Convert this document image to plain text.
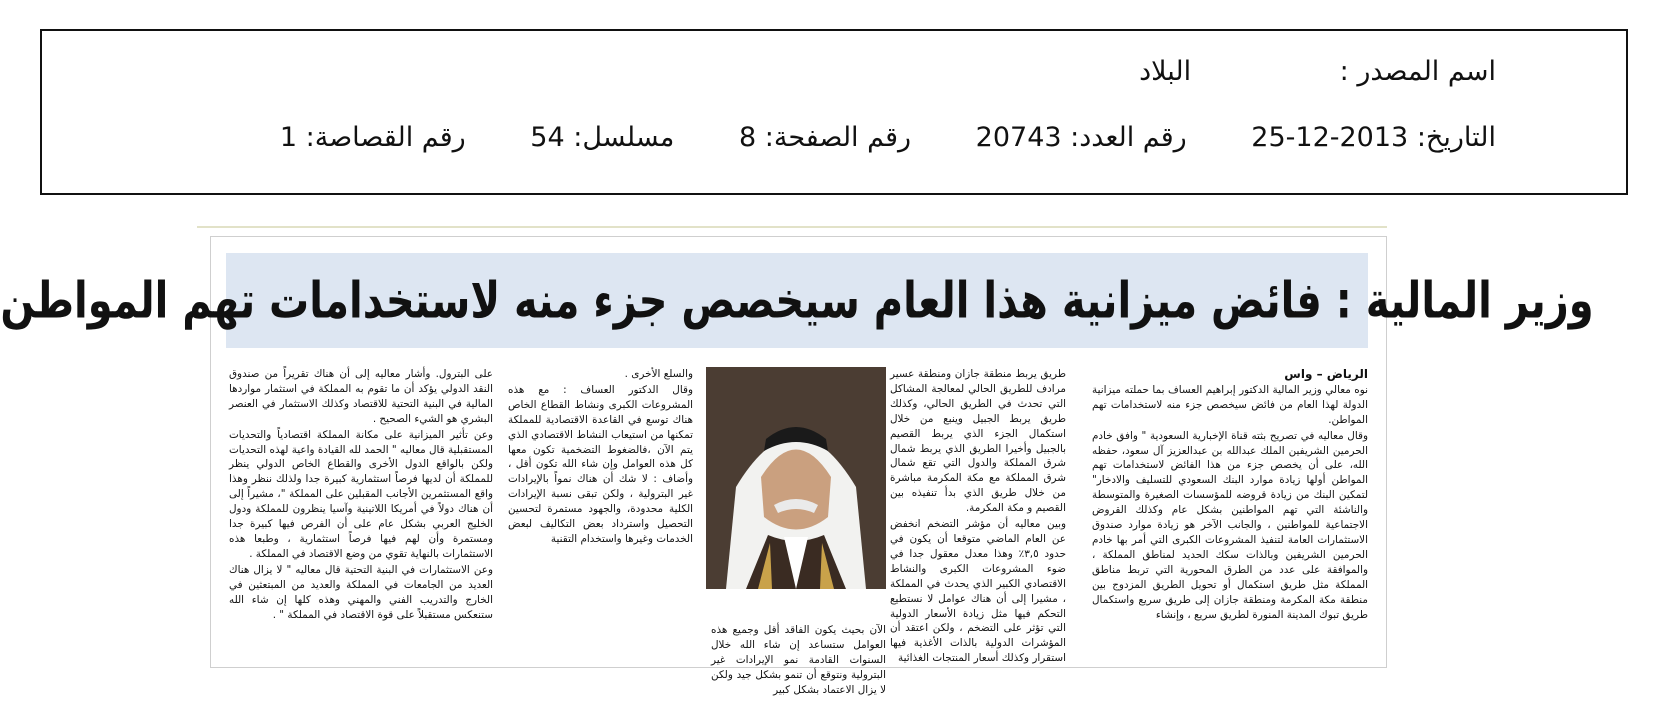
اسم المصدر : البلاد
التاريخ: 25-12-2013 رقم العدد: 20743 رقم الصفحة: 8 مسلسل: 54 رقم القصاصة: 1
وزير المالية : فائض ميزانية هذا العام سيخصص جزء منه لاستخدامات تهم المواطن

الرياض – واس

نوه معالي وزير المالية الدكتور إبراهيم العساف بما حملته ميزانية الدولة لهذا العام من فائض سيخصص جزء منه لاستخدامات تهم المواطن.

وقال معاليه في تصريح بثته قناة الإخبارية السعودية " وافق خادم الحرمين الشريفين الملك عبدالله بن عبدالعزيز آل سعود، حفظه الله، على أن يخصص جزء من هذا الفائض لاستخدامات تهم المواطن أولها زيادة موارد البنك السعودي للتسليف والادخار" لتمكين البنك من زيادة قروضه للمؤسسات الصغيرة والمتوسطة والناشئة التي تهم المواطنين بشكل عام وكذلك القروض الاجتماعية للمواطنين ، والجانب الآخر هو زيادة موارد صندوق الاستثمارات العامة لتنفيذ المشروعات الكبرى التي أمر بها خادم الحرمين الشريفين وبالذات سكك الحديد لمناطق المملكة ، والموافقة على عدد من الطرق المحورية التي تربط مناطق المملكة مثل طريق استكمال أو تحويل الطريق المزدوج بين منطقة مكة المكرمة ومنطقة جازان إلى طريق سريع واستكمال طريق تبوك المدينة المنورة لطريق سريع ، وإنشاء

طريق يربط منطقة جازان ومنطقة عسير مرادف للطريق الحالي لمعالجة المشاكل التي تحدث في الطريق الحالي، وكذلك طريق يربط الجبيل وينبع من خلال استكمال الجزء الذي يربط القصيم بالجبيل وأخيرا الطريق الذي يربط شمال شرق المملكة والدول التي تقع شمال شرق المملكة مع مكة المكرمة مباشرة من خلال طريق الذي بدأ تنفيذه بين القصيم و مكة المكرمة.

وبين معاليه أن مؤشر التضخم انخفض عن العام الماضي متوقعا أن يكون في حدود ٣,٥٪ وهذا معدل معقول جدا في ضوء المشروعات الكبرى والنشاط الاقتصادي الكبير الذي يحدث في المملكة ، مشيرا إلى أن هناك عوامل لا نستطيع التحكم فيها مثل زيادة الأسعار الدولية التي تؤثر على التضخم ، ولكن اعتقد أن المؤشرات الدولية بالذات الأغذية فيها استقرار وكذلك أسعار المنتجات الغذائية

الآن بحيث يكون الفاقد أقل وجميع هذه العوامل ستساعد إن شاء الله خلال السنوات القادمة نمو الإيرادات غير البترولية ونتوقع أن تنمو بشكل جيد ولكن لا يزال الاعتماد بشكل كبير

والسلع الأخرى .

وقال الدكتور العساف : مع هذه المشروعات الكبرى ونشاط القطاع الخاص هناك توسع في القاعدة الاقتصادية للمملكة تمكنها من استيعاب النشاط الاقتصادي الذي يتم الآن ،فالضغوط التضخمية تكون معها كل هذه العوامل وإن شاء الله تكون أقل ، وأضاف : لا شك أن هناك نمواً بالإيرادات غير البترولية ، ولكن تبقى نسبة الإيرادات الكلية محدودة، والجهود مستمرة لتحسين التحصيل واسترداد بعض التكاليف لبعض الخدمات وغيرها واستخدام التقنية

على البترول. وأشار معاليه إلى أن هناك تقريراً من صندوق النقد الدولي يؤكد أن ما تقوم به المملكة في استثمار مواردها المالية في البنية التحتية للاقتصاد وكذلك الاستثمار في العنصر البشري هو الشيء الصحيح .

وعن تأثير الميزانية على مكانة المملكة اقتصادياً والتحديات المستقبلية قال معاليه " الحمد لله القيادة واعية لهذه التحديات ولكن بالواقع الدول الأخرى والقطاع الخاص الدولي ينظر للمملكة أن لديها فرصاً استثمارية كبيرة جدا ولذلك ننظر وهذا واقع المستثمرين الأجانب المقبلين على المملكة "، مشيراً إلى أن هناك دولاً في أمريكا اللاتينية وآسيا ينظرون للمملكة ودول الخليج العربي بشكل عام على أن الفرص فيها كبيرة جدا ومستمرة وأن لهم فيها فرصاً استثمارية ، وطبعا هذه الاستثمارات بالنهاية تقوي من وضع الاقتصاد في المملكة .

وعن الاستثمارات في البنية التحتية قال معاليه " لا يزال هناك العديد من الجامعات في المملكة والعديد من المبتعثين في الخارج والتدريب الفني والمهني وهذه كلها إن شاء الله ستنعكس مستقبلاً على قوة الاقتصاد في المملكة " .
